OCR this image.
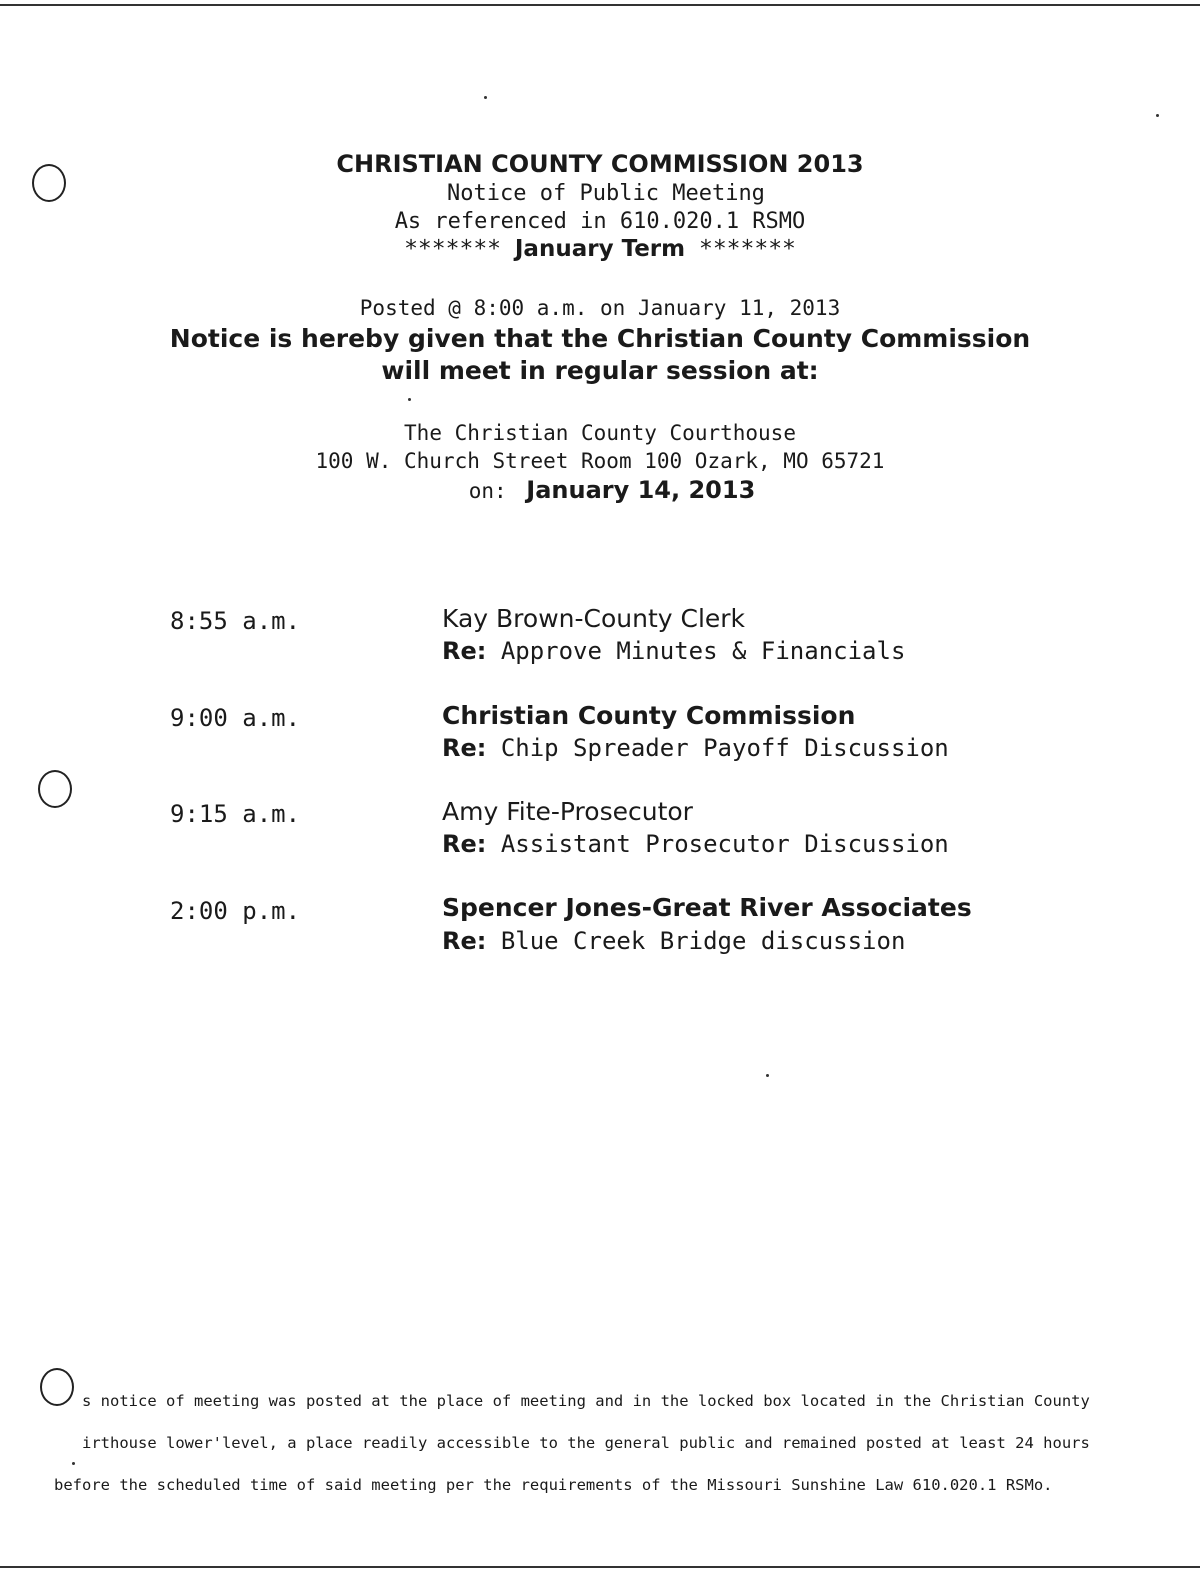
CHRISTIAN COUNTY COMMISSION 2013
Notice of Public Meeting
As referenced in 610.020.1 RSMO
******* January Term *******
Posted @ 8:00 a.m. on January 11, 2013
Notice is hereby given that the Christian County Commission
will meet in regular session at:
The Christian County Courthouse
100 W. Church Street Room 100 Ozark, MO 65721
on: January 14, 2013
8:55 a.m.	Kay Brown-County Clerk
Re: Approve Minutes & Financials
9:00 a.m.	Christian County Commission
Re: Chip Spreader Payoff Discussion
9:15 a.m.	Amy Fite-Prosecutor
Re: Assistant Prosecutor Discussion
2:00 p.m.	Spencer Jones-Great River Associates
Re: Blue Creek Bridge discussion

s notice of meeting was posted at the place of meeting and in the locked box located in the Christian County

irthouse lower'level, a place readily accessible to the general public and remained posted at least 24 hours

before the scheduled time of said meeting per the requirements of the Missouri Sunshine Law 610.020.1 RSMo.
